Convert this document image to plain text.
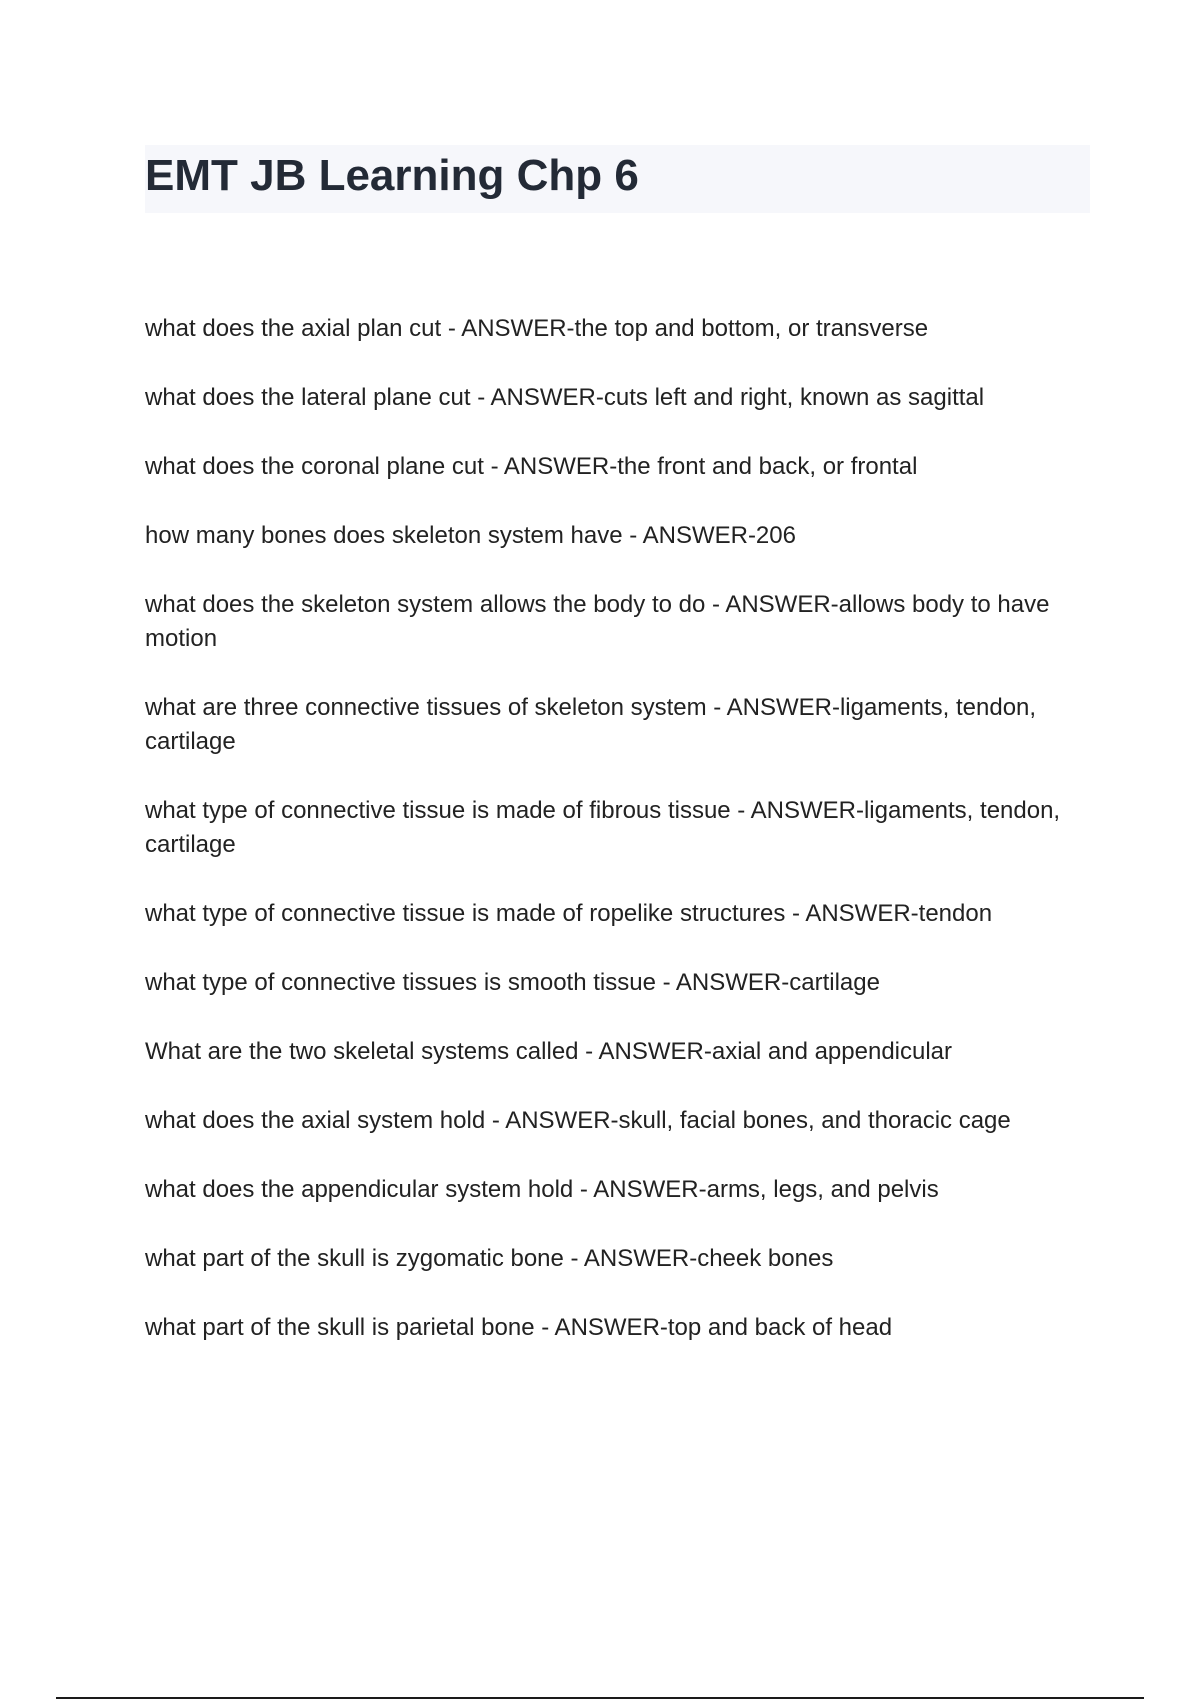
EMT JB Learning Chp 6
what does the axial plan cut - ANSWER-the top and bottom, or transverse
what does the lateral plane cut - ANSWER-cuts left and right, known as sagittal
what does the coronal plane cut - ANSWER-the front and back, or frontal
how many bones does skeleton system have - ANSWER-206
what does the skeleton system allows the body to do - ANSWER-allows body to have motion
what are three connective tissues of skeleton system - ANSWER-ligaments, tendon, cartilage
what type of connective tissue is made of fibrous tissue - ANSWER-ligaments, tendon, cartilage
what type of connective tissue is made of ropelike structures - ANSWER-tendon
what type of connective tissues is smooth tissue - ANSWER-cartilage
What are the two skeletal systems called - ANSWER-axial and appendicular
what does the axial system hold - ANSWER-skull, facial bones, and thoracic cage
what does the appendicular system hold - ANSWER-arms, legs, and pelvis
what part of the skull is zygomatic bone - ANSWER-cheek bones
what part of the skull is parietal bone - ANSWER-top and back of head
